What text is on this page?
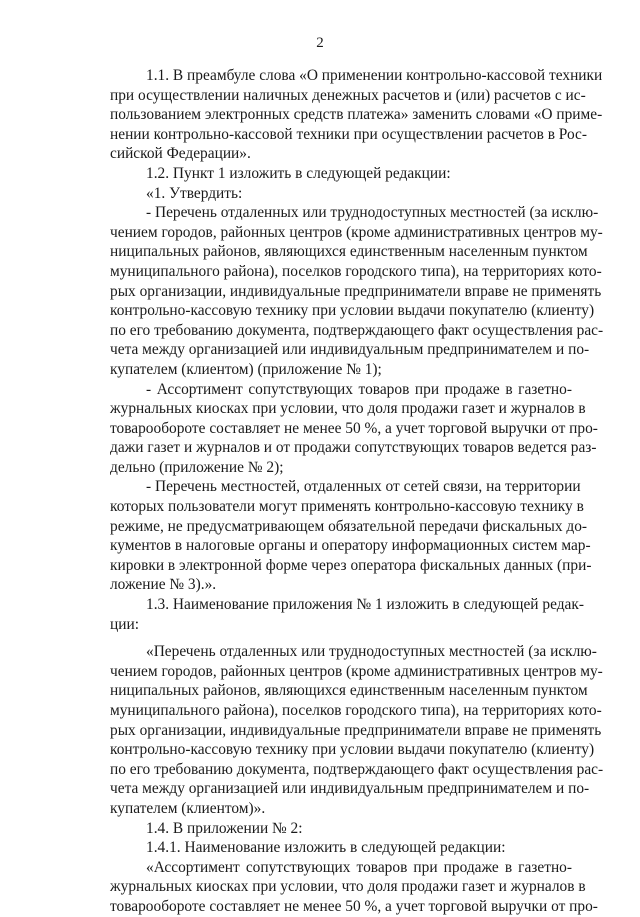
2
1.1. В преамбуле слова «О применении контрольно-кассовой техники
при осуществлении наличных денежных расчетов и (или) расчетов с ис-
пользованием электронных средств платежа» заменить словами «О приме-
нении контрольно-кассовой техники при осуществлении расчетов в Рос-
сийской Федерации».
1.2. Пункт 1 изложить в следующей редакции:
«1. Утвердить:
- Перечень отдаленных или труднодоступных местностей (за исклю-
чением городов, районных центров (кроме административных центров му-
ниципальных районов, являющихся единственным населенным пунктом
муниципального района), поселков городского типа), на территориях кото-
рых организации, индивидуальные предприниматели вправе не применять
контрольно-кассовую технику при условии выдачи покупателю (клиенту)
по его требованию документа, подтверждающего факт осуществления рас-
чета между организацией или индивидуальным предпринимателем и по-
купателем (клиентом) (приложение № 1);
- Ассортимент сопутствующих товаров при продаже в газетно-
журнальных киосках при условии, что доля продажи газет и журналов в
товарообороте составляет не менее 50 %, а учет торговой выручки от про-
дажи газет и журналов и от продажи сопутствующих товаров ведется раз-
дельно (приложение № 2);
- Перечень местностей, отдаленных от сетей связи, на территории
которых пользователи могут применять контрольно-кассовую технику в
режиме, не предусматривающем обязательной передачи фискальных до-
кументов в налоговые органы и оператору информационных систем мар-
кировки в электронной форме через оператора фискальных данных (при-
ложение № 3).».
1.3. Наименование приложения № 1 изложить в следующей редак-
ции:
«Перечень отдаленных или труднодоступных местностей (за исклю-
чением городов, районных центров (кроме административных центров му-
ниципальных районов, являющихся единственным населенным пунктом
муниципального района), поселков городского типа), на территориях кото-
рых организации, индивидуальные предприниматели вправе не применять
контрольно-кассовую технику при условии выдачи покупателю (клиенту)
по его требованию документа, подтверждающего факт осуществления рас-
чета между организацией или индивидуальным предпринимателем и по-
купателем (клиентом)».
1.4. В приложении № 2:
1.4.1. Наименование изложить в следующей редакции:
«Ассортимент сопутствующих товаров при продаже в газетно-
журнальных киосках при условии, что доля продажи газет и журналов в
товарообороте составляет не менее 50 %, а учет торговой выручки от про-
